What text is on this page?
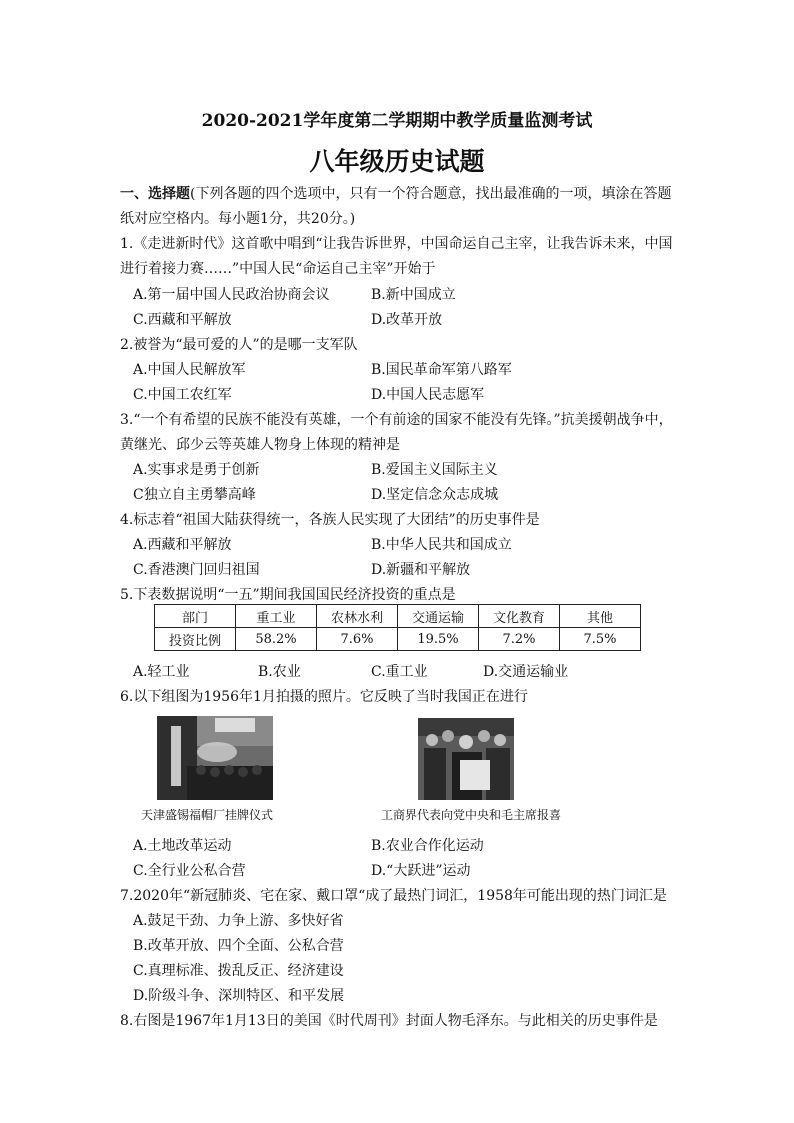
2020-2021学年度第二学期期中教学质量监测考试
八年级历史试题
一、选择题(下列各题的四个选项中，只有一个符合题意，找出最准确的一项，填涂在答题
纸对应空格内。每小题1分，共20分。)
1.《走进新时代》这首歌中唱到“让我告诉世界，中国命运自己主宰，让我告诉未来，中国
进行着接力赛……”中国人民“命运自己主宰”开始于
A.第一届中国人民政治协商会议	B.新中国成立
C.西藏和平解放	D.改革开放
2.被誉为“最可爱的人”的是哪一支军队
A.中国人民解放军	B.国民革命军第八路军
C.中国工农红军	D.中国人民志愿军
3.“一个有希望的民族不能没有英雄，一个有前途的国家不能没有先锋。”抗美援朝战争中，
黄继光、邱少云等英雄人物身上体现的精神是
A.实事求是勇于创新	B.爱国主义国际主义
C独立自主勇攀高峰	D.坚定信念众志成城
4.标志着“祖国大陆获得统一，各族人民实现了大团结”的历史事件是
A.西藏和平解放	B.中华人民共和国成立
C.香港澳门回归祖国	D.新疆和平解放
5.下表数据说明“一五”期间我国国民经济投资的重点是
部门	重工业	农林水利	交通运输	文化教育	其他
投资比例	58.2%	7.6%	19.5%	7.2%	7.5%
A.轻工业	B.农业	C.重工业	D.交通运输业
6.以下组图为1956年1月拍摄的照片。它反映了当时我国正在进行
天津盛锡福帽厂挂牌仪式	工商界代表向党中央和毛主席报喜
A.土地改革运动	B.农业合作化运动
C.全行业公私合营	D.“大跃进”运动
7.2020年“新冠肺炎、宅在家、戴口罩“成了最热门词汇，1958年可能出现的热门词汇是
A.鼓足干劲、力争上游、多快好省
B.改革开放、四个全面、公私合营
C.真理标准、拨乱反正、经济建设
D.阶级斗争、深圳特区、和平发展
8.右图是1967年1月13日的美国《时代周刊》封面人物毛泽东。与此相关的历史事件是
